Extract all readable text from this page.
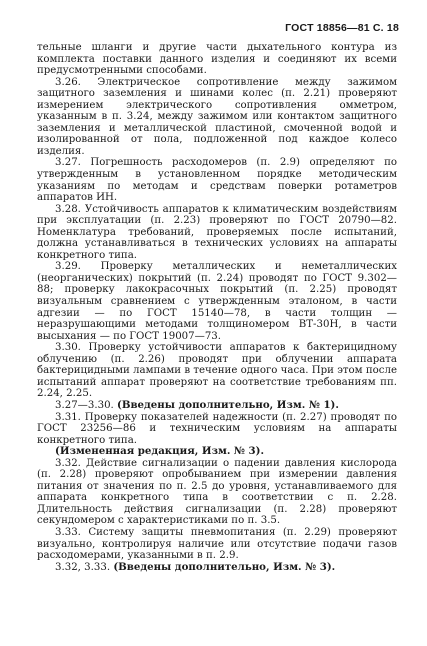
ГОСТ 18856—81 С. 18

тельные шланги и другие части дыхательного контура из комплекта поставки данного изделия и соединяют их всеми предусмотренными способами.

3.26. Электрическое сопротивление между зажимом защитного заземления и шинами колес (п. 2.21) проверяют измерением электрического сопротивления омметром, указанным в п. 3.24, между зажимом или контактом защитного заземления и металлической пластиной, смоченной водой и изолированной от пола, подложенной под каждое колесо изделия.

3.27. Погрешность расходомеров (п. 2.9) определяют по утвержденным в установленном порядке методическим указаниям по методам и средствам поверки ротаметров аппаратов ИН.

3.28. Устойчивость аппаратов к климатическим воздействиям при эксплуатации (п. 2.23) проверяют по ГОСТ 20790—82. Номенклатура требований, проверяемых после испытаний, должна устанавливаться в технических условиях на аппараты конкретного типа.

3.29. Проверку металлических и неметаллических (неорганических) покрытий (п. 2.24) проводят по ГОСТ 9.302—88; проверку лакокрасочных покрытий (п. 2.25) проводят визуальным сравнением с утвержденным эталоном, в части адгезии — по ГОСТ 15140—78, в части толщин — неразрушающими методами толщиномером ВТ-30Н, в части высыхания — по ГОСТ 19007—73.

3.30. Проверку устойчивости аппаратов к бактерицидному облучению (п. 2.26) проводят при облучении аппарата бактерицидными лампами в течение одного часа. При этом после испытаний аппарат проверяют на соответствие требованиям пп. 2.24, 2.25.

3.27—3.30. (Введены дополнительно, Изм. № 1).

3.31. Проверку показателей надежности (п. 2.27) проводят по ГОСТ 23256—86 и техническим условиям на аппараты конкретного типа.

(Измененная редакция, Изм. № 3).

3.32. Действие сигнализации о падении давления кислорода (п. 2.28) проверяют опробыванием при измерении давления питания от значения по п. 2.5 до уровня, устанавливаемого для аппарата конкретного типа в соответствии с п. 2.28. Длительность действия сигнализации (п. 2.28) проверяют секундомером с характеристиками по п. 3.5.

3.33. Систему защиты пневмопитания (п. 2.29) проверяют визуально, контролируя наличие или отсутствие подачи газов расходомерами, указанными в п. 2.9.

3.32, 3.33. (Введены дополнительно, Изм. № 3).
